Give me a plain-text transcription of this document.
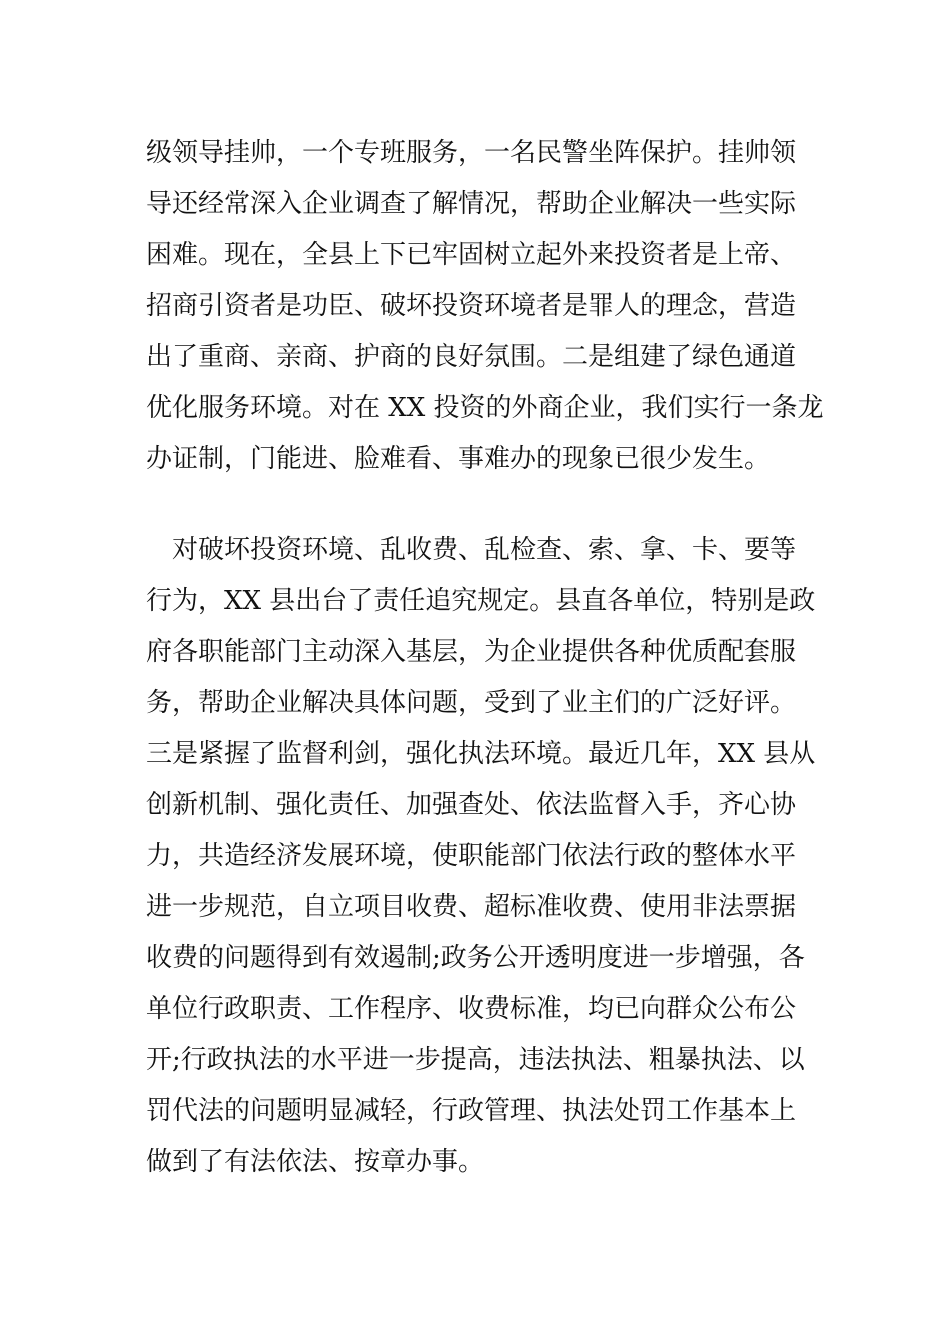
级领导挂帅，一个专班服务，一名民警坐阵保护。挂帅领
导还经常深入企业调查了解情况，帮助企业解决一些实际
困难。现在，全县上下已牢固树立起外来投资者是上帝、
招商引资者是功臣、破坏投资环境者是罪人的理念，营造
出了重商、亲商、护商的良好氛围。二是组建了绿色通道
优化服务环境。对在 XX 投资的外商企业，我们实行一条龙
办证制，门能进、脸难看、事难办的现象已很少发生。
　对破坏投资环境、乱收费、乱检查、索、拿、卡、要等
行为，XX 县出台了责任追究规定。县直各单位，特别是政
府各职能部门主动深入基层，为企业提供各种优质配套服
务，帮助企业解决具体问题，受到了业主们的广泛好评。
三是紧握了监督利剑，强化执法环境。最近几年，XX 县从
创新机制、强化责任、加强查处、依法监督入手，齐心协
力，共造经济发展环境，使职能部门依法行政的整体水平
进一步规范，自立项目收费、超标准收费、使用非法票据
收费的问题得到有效遏制;政务公开透明度进一步增强，各
单位行政职责、工作程序、收费标准，均已向群众公布公
开;行政执法的水平进一步提高，违法执法、粗暴执法、以
罚代法的问题明显减轻，行政管理、执法处罚工作基本上
做到了有法依法、按章办事。
